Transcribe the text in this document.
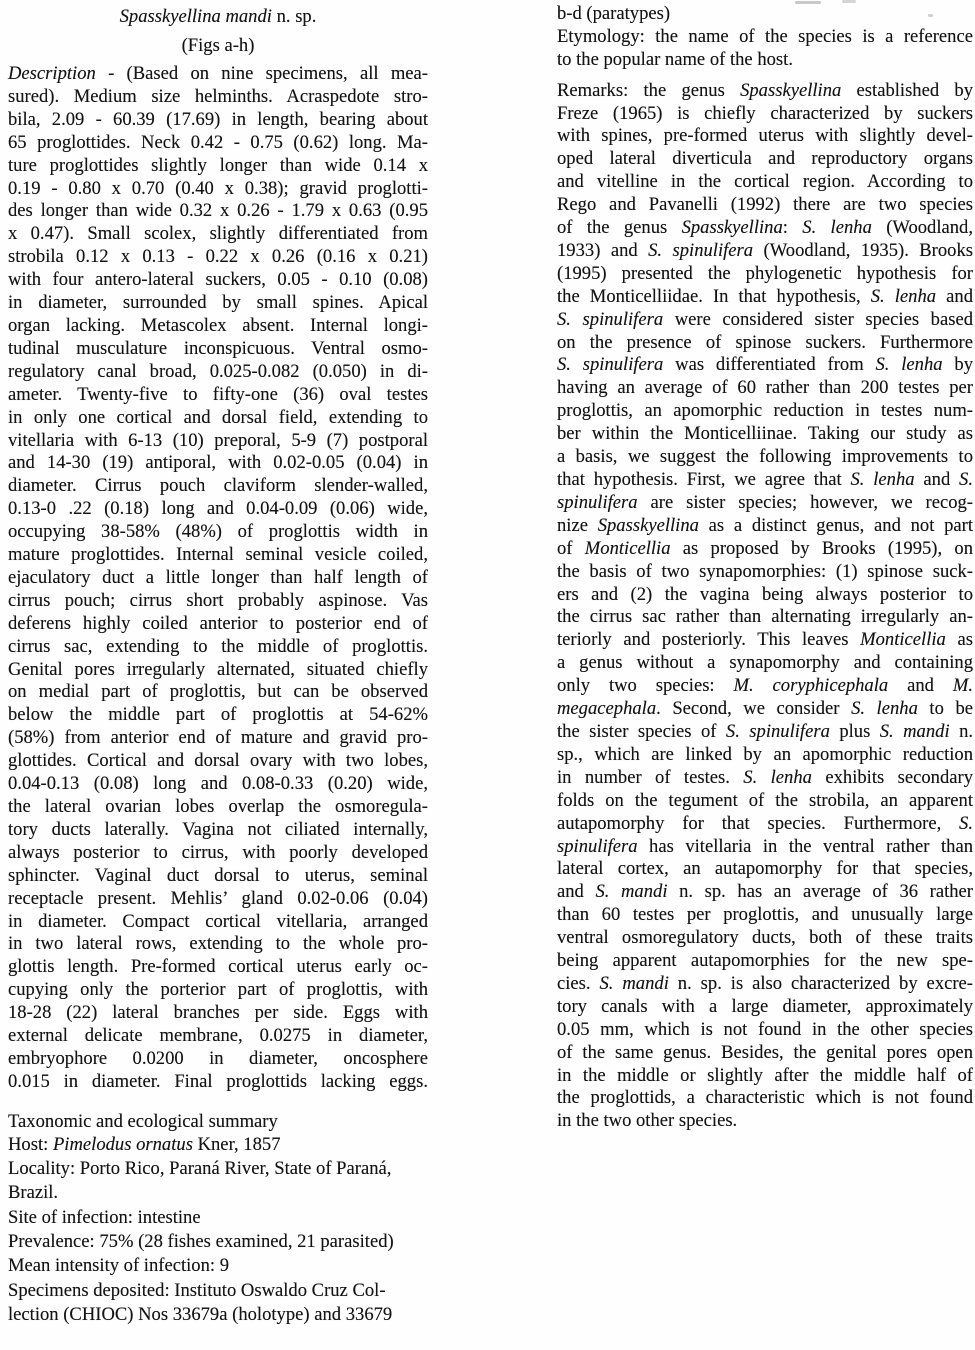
Spasskyellina mandi n. sp.
(Figs a-h)
Description - (Based on nine specimens, all mea-
sured). Medium size helminths. Acraspedote stro-
bila, 2.09 - 60.39 (17.69) in length, bearing about
65 proglottides. Neck 0.42 - 0.75 (0.62) long. Ma-
ture proglottides slightly longer than wide 0.14 x
0.19 - 0.80 x 0.70 (0.40 x 0.38); gravid proglotti-
des longer than wide 0.32 x 0.26 - 1.79 x 0.63 (0.95
x 0.47). Small scolex, slightly differentiated from
strobila 0.12 x 0.13 - 0.22 x 0.26 (0.16 x 0.21)
with four antero-lateral suckers, 0.05 - 0.10 (0.08)
in diameter, surrounded by small spines. Apical
organ lacking. Metascolex absent. Internal longi-
tudinal musculature inconspicuous. Ventral osmo-
regulatory canal broad, 0.025-0.082 (0.050) in di-
ameter. Twenty-five to fifty-one (36) oval testes
in only one cortical and dorsal field, extending to
vitellaria with 6-13 (10) preporal, 5-9 (7) postporal
and 14-30 (19) antiporal, with 0.02-0.05 (0.04) in
diameter. Cirrus pouch claviform slender-walled,
0.13-0 .22 (0.18) long and 0.04-0.09 (0.06) wide,
occupying 38-58% (48%) of proglottis width in
mature proglottides. Internal seminal vesicle coiled,
ejaculatory duct a little longer than half length of
cirrus pouch; cirrus short probably aspinose. Vas
deferens highly coiled anterior to posterior end of
cirrus sac, extending to the middle of proglottis.
Genital pores irregularly alternated, situated chiefly
on medial part of proglottis, but can be observed
below the middle part of proglottis at 54-62%
(58%) from anterior end of mature and gravid pro-
glottides. Cortical and dorsal ovary with two lobes,
0.04-0.13 (0.08) long and 0.08-0.33 (0.20) wide,
the lateral ovarian lobes overlap the osmoregula-
tory ducts laterally. Vagina not ciliated internally,
always posterior to cirrus, with poorly developed
sphincter. Vaginal duct dorsal to uterus, seminal
receptacle present. Mehlis’ gland 0.02-0.06 (0.04)
in diameter. Compact cortical vitellaria, arranged
in two lateral rows, extending to the whole pro-
glottis length. Pre-formed cortical uterus early oc-
cupying only the porterior part of proglottis, with
18-28 (22) lateral branches per side. Eggs with
external delicate membrane, 0.0275 in diameter,
embryophore 0.0200 in diameter, oncosphere
0.015 in diameter. Final proglottids lacking eggs.
Taxonomic and ecological summary
Host: Pimelodus ornatus Kner, 1857
Locality: Porto Rico, Paraná River, State of Paraná,
Brazil.
Site of infection: intestine
Prevalence: 75% (28 fishes examined, 21 parasited)
Mean intensity of infection: 9
Specimens deposited: Instituto Oswaldo Cruz Col-
lection (CHIOC) Nos 33679a (holotype) and 33679
b-d (paratypes)
Etymology: the name of the species is a reference
to the popular name of the host.
Remarks: the genus Spasskyellina established by
Freze (1965) is chiefly characterized by suckers
with spines, pre-formed uterus with slightly devel-
oped lateral diverticula and reproductory organs
and vitelline in the cortical region. According to
Rego and Pavanelli (1992) there are two species
of the genus Spasskyellina: S. lenha (Woodland,
1933) and S. spinulifera (Woodland, 1935). Brooks
(1995) presented the phylogenetic hypothesis for
the Monticelliidae. In that hypothesis, S. lenha and
S. spinulifera were considered sister species based
on the presence of spinose suckers. Furthermore
S. spinulifera was differentiated from S. lenha by
having an average of 60 rather than 200 testes per
proglottis, an apomorphic reduction in testes num-
ber within the Monticelliinae. Taking our study as
a basis, we suggest the following improvements to
that hypothesis. First, we agree that S. lenha and S.
spinulifera are sister species; however, we recog-
nize Spasskyellina as a distinct genus, and not part
of Monticellia as proposed by Brooks (1995), on
the basis of two synapomorphies: (1) spinose suck-
ers and (2) the vagina being always posterior to
the cirrus sac rather than alternating irregularly an-
teriorly and posteriorly. This leaves Monticellia as
a genus without a synapomorphy and containing
only two species: M. coryphicephala and M.
megacephala. Second, we consider S. lenha to be
the sister species of S. spinulifera plus S. mandi n.
sp., which are linked by an apomorphic reduction
in number of testes. S. lenha exhibits secondary
folds on the tegument of the strobila, an apparent
autapomorphy for that species. Furthermore, S.
spinulifera has vitellaria in the ventral rather than
lateral cortex, an autapomorphy for that species,
and S. mandi n. sp. has an average of 36 rather
than 60 testes per proglottis, and unusually large
ventral osmoregulatory ducts, both of these traits
being apparent autapomorphies for the new spe-
cies. S. mandi n. sp. is also characterized by excre-
tory canals with a large diameter, approximately
0.05 mm, which is not found in the other species
of the same genus. Besides, the genital pores open
in the middle or slightly after the middle half of
the proglottids, a characteristic which is not found
in the two other species.
